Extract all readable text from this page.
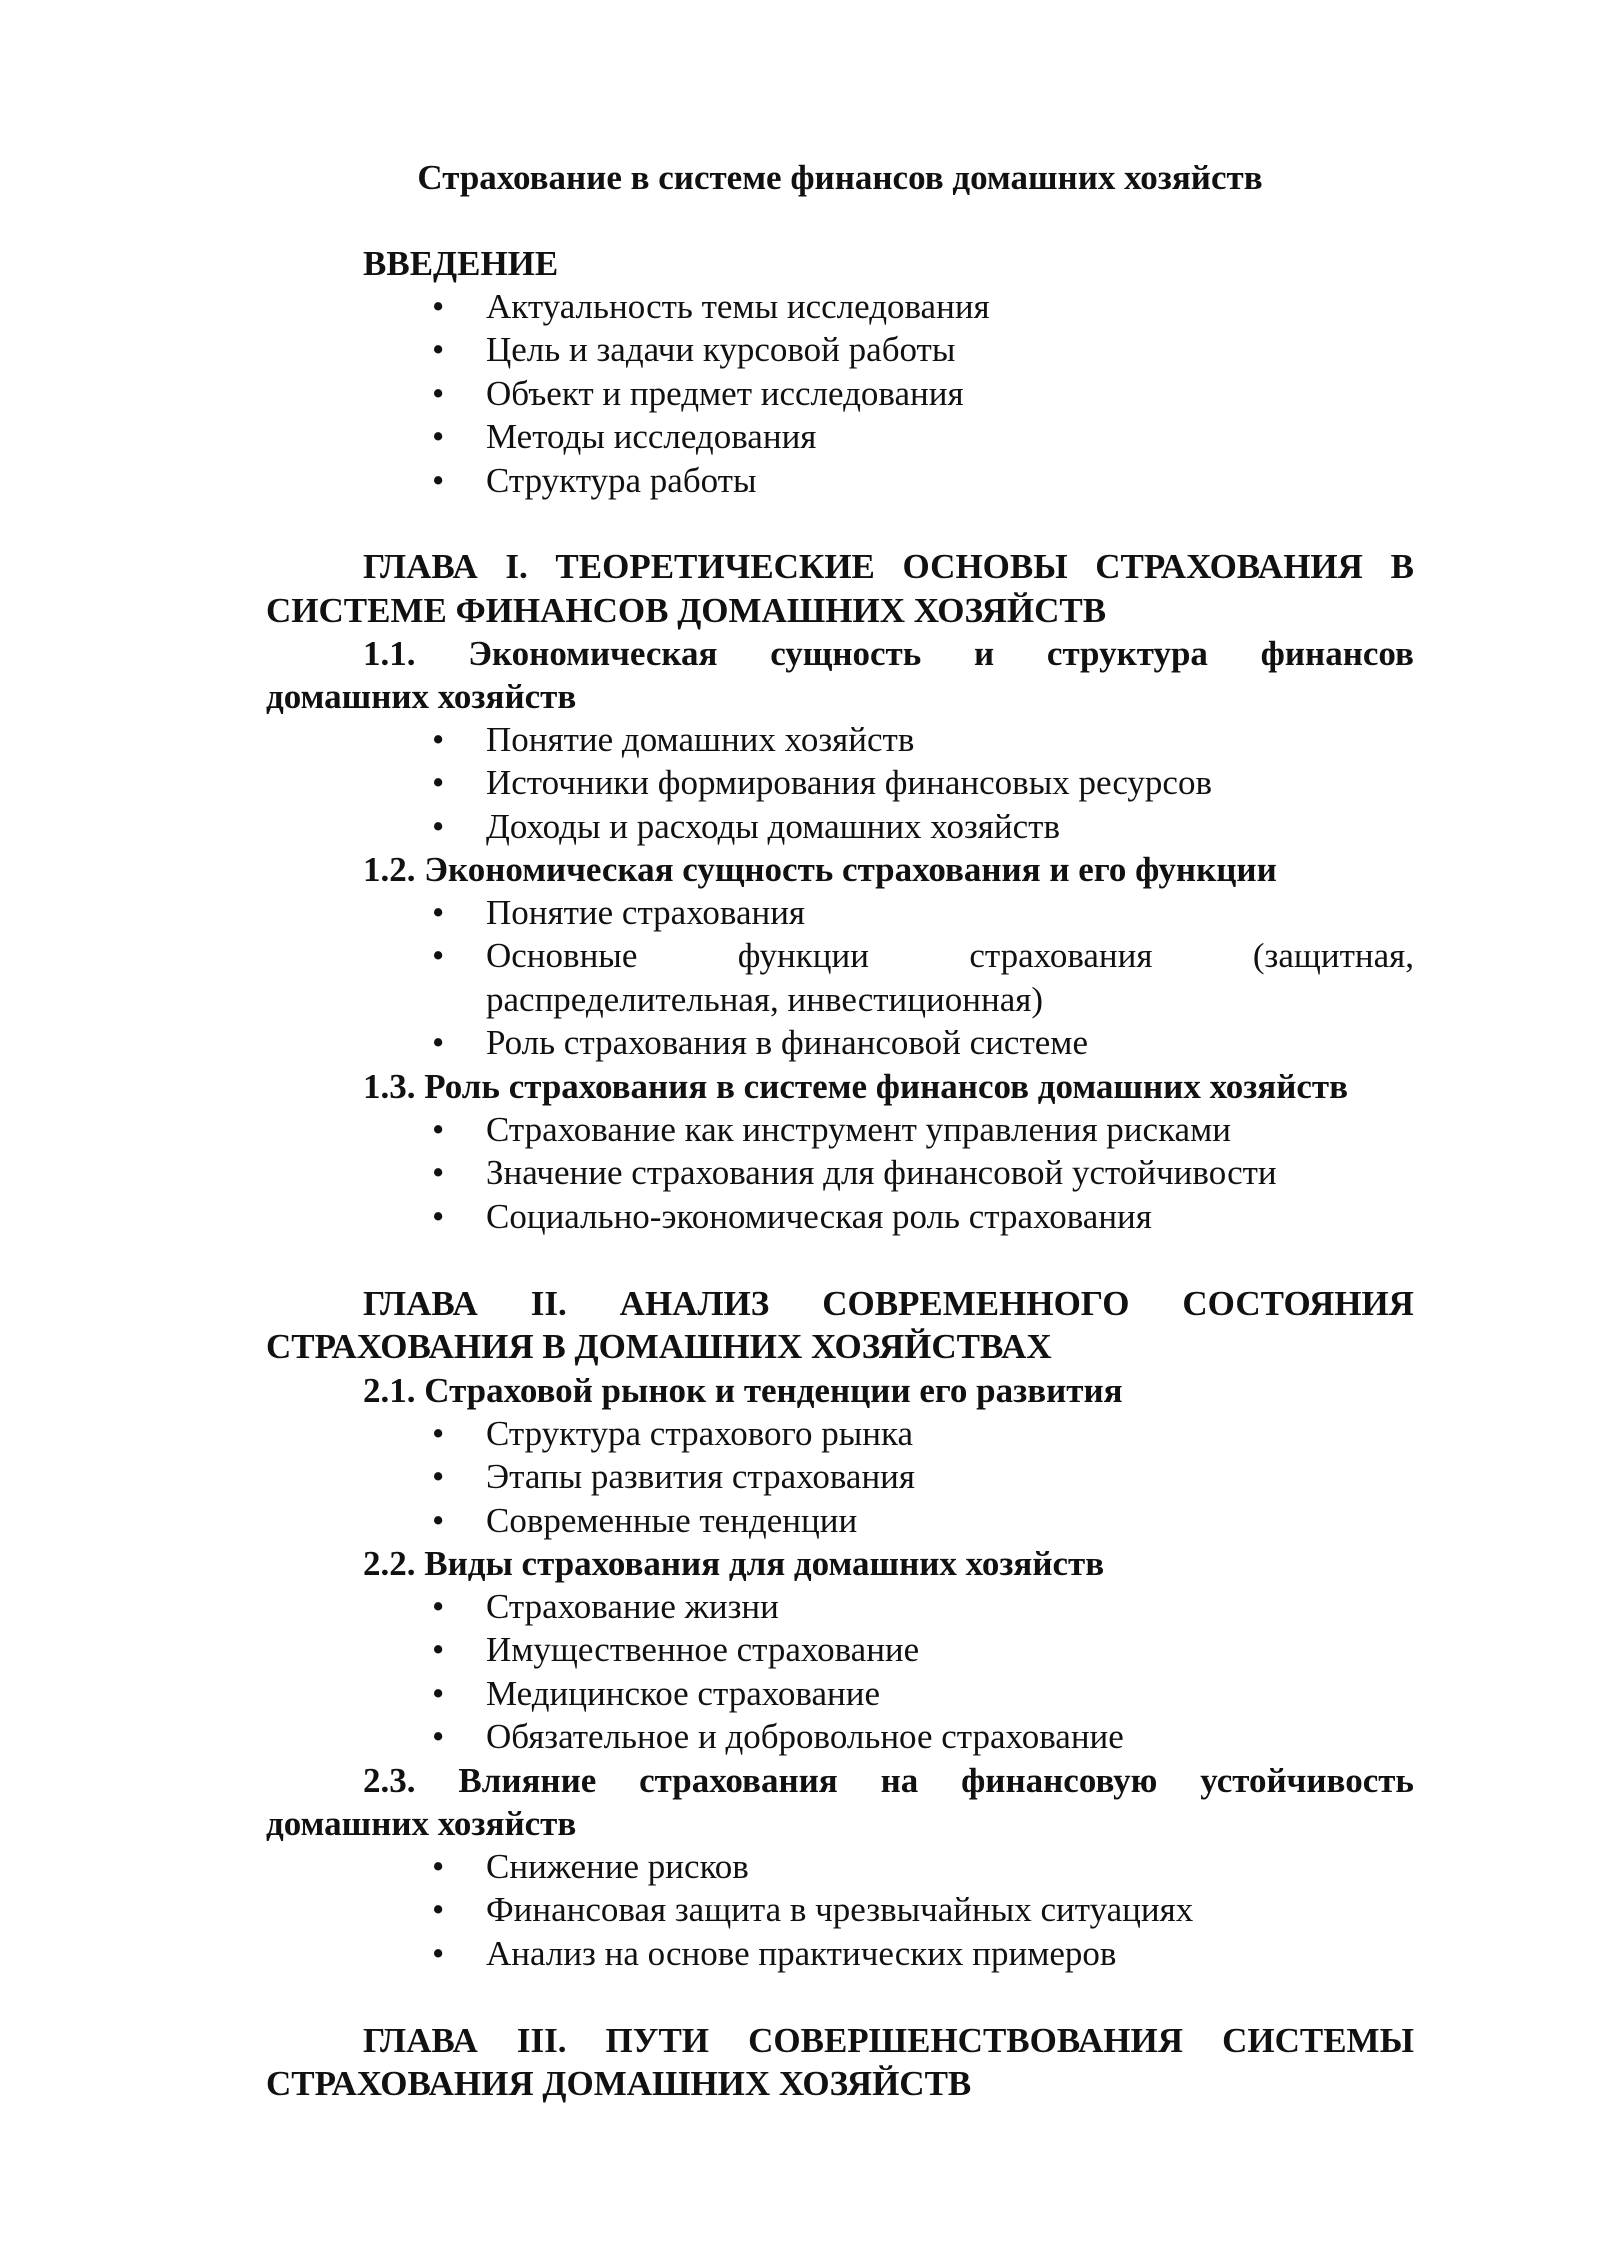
Страхование в системе финансов домашних хозяйств
ВВЕДЕНИЕ
• Актуальность темы исследования
• Цель и задачи курсовой работы
• Объект и предмет исследования
• Методы исследования
• Структура работы
ГЛАВА I. ТЕОРЕТИЧЕСКИЕ ОСНОВЫ СТРАХОВАНИЯ В
СИСТЕМЕ ФИНАНСОВ ДОМАШНИХ ХОЗЯЙСТВ
1.1. Экономическая сущность и структура финансов
домашних хозяйств
• Понятие домашних хозяйств
• Источники формирования финансовых ресурсов
• Доходы и расходы домашних хозяйств
1.2. Экономическая сущность страхования и его функции
• Понятие страхования
• Основные	функции	страхования	(защитная,
распределительная, инвестиционная)
• Роль страхования в финансовой системе
1.3. Роль страхования в системе финансов домашних хозяйств
• Страхование как инструмент управления рисками
• Значение страхования для финансовой устойчивости
• Социально-экономическая роль страхования
ГЛАВА II. АНАЛИЗ СОВРЕМЕННОГО СОСТОЯНИЯ
СТРАХОВАНИЯ В ДОМАШНИХ ХОЗЯЙСТВАХ
2.1. Страховой рынок и тенденции его развития
• Структура страхового рынка
• Этапы развития страхования
• Современные тенденции
2.2. Виды страхования для домашних хозяйств
• Страхование жизни
• Имущественное страхование
• Медицинское страхование
• Обязательное и добровольное страхование
2.3. Влияние страхования на финансовую устойчивость
домашних хозяйств
• Снижение рисков
• Финансовая защита в чрезвычайных ситуациях
• Анализ на основе практических примеров
ГЛАВА III. ПУТИ СОВЕРШЕНСТВОВАНИЯ СИСТЕМЫ
СТРАХОВАНИЯ ДОМАШНИХ ХОЗЯЙСТВ
